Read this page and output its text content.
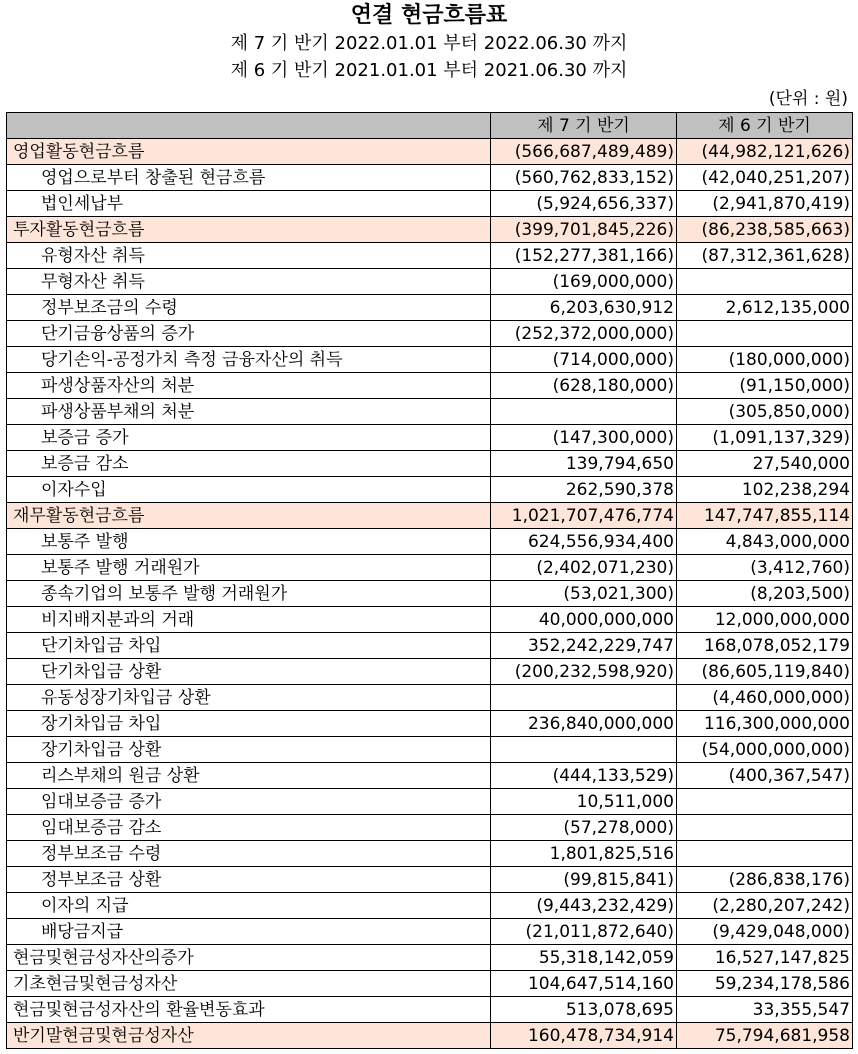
연결 현금흐름표
제 7 기 반기 2022.01.01 부터 2022.06.30 까지
제 6 기 반기 2021.01.01 부터 2021.06.30 까지
(단위 : 원)
	제 7 기 반기	제 6 기 반기
영업활동현금흐름	(566,687,489,489)	(44,982,121,626)
영업으로부터 창출된 현금흐름	(560,762,833,152)	(42,040,251,207)
법인세납부	(5,924,656,337)	(2,941,870,419)
투자활동현금흐름	(399,701,845,226)	(86,238,585,663)
유형자산 취득	(152,277,381,166)	(87,312,361,628)
무형자산 취득	(169,000,000)	
정부보조금의 수령	6,203,630,912	2,612,135,000
단기금융상품의 증가	(252,372,000,000)	
당기손익-공정가치 측정 금융자산의 취득	(714,000,000)	(180,000,000)
파생상품자산의 처분	(628,180,000)	(91,150,000)
파생상품부채의 처분		(305,850,000)
보증금 증가	(147,300,000)	(1,091,137,329)
보증금 감소	139,794,650	27,540,000
이자수입	262,590,378	102,238,294
재무활동현금흐름	1,021,707,476,774	147,747,855,114
보통주 발행	624,556,934,400	4,843,000,000
보통주 발행 거래원가	(2,402,071,230)	(3,412,760)
종속기업의 보통주 발행 거래원가	(53,021,300)	(8,203,500)
비지배지분과의 거래	40,000,000,000	12,000,000,000
단기차입금 차입	352,242,229,747	168,078,052,179
단기차입금 상환	(200,232,598,920)	(86,605,119,840)
유동성장기차입금 상환		(4,460,000,000)
장기차입금 차입	236,840,000,000	116,300,000,000
장기차입금 상환		(54,000,000,000)
리스부채의 원금 상환	(444,133,529)	(400,367,547)
임대보증금 증가	10,511,000	
임대보증금 감소	(57,278,000)	
정부보조금 수령	1,801,825,516	
정부보조금 상환	(99,815,841)	(286,838,176)
이자의 지급	(9,443,232,429)	(2,280,207,242)
배당금지급	(21,011,872,640)	(9,429,048,000)
현금및현금성자산의증가	55,318,142,059	16,527,147,825
기초현금및현금성자산	104,647,514,160	59,234,178,586
현금및현금성자산의 환율변동효과	513,078,695	33,355,547
반기말현금및현금성자산	160,478,734,914	75,794,681,958
